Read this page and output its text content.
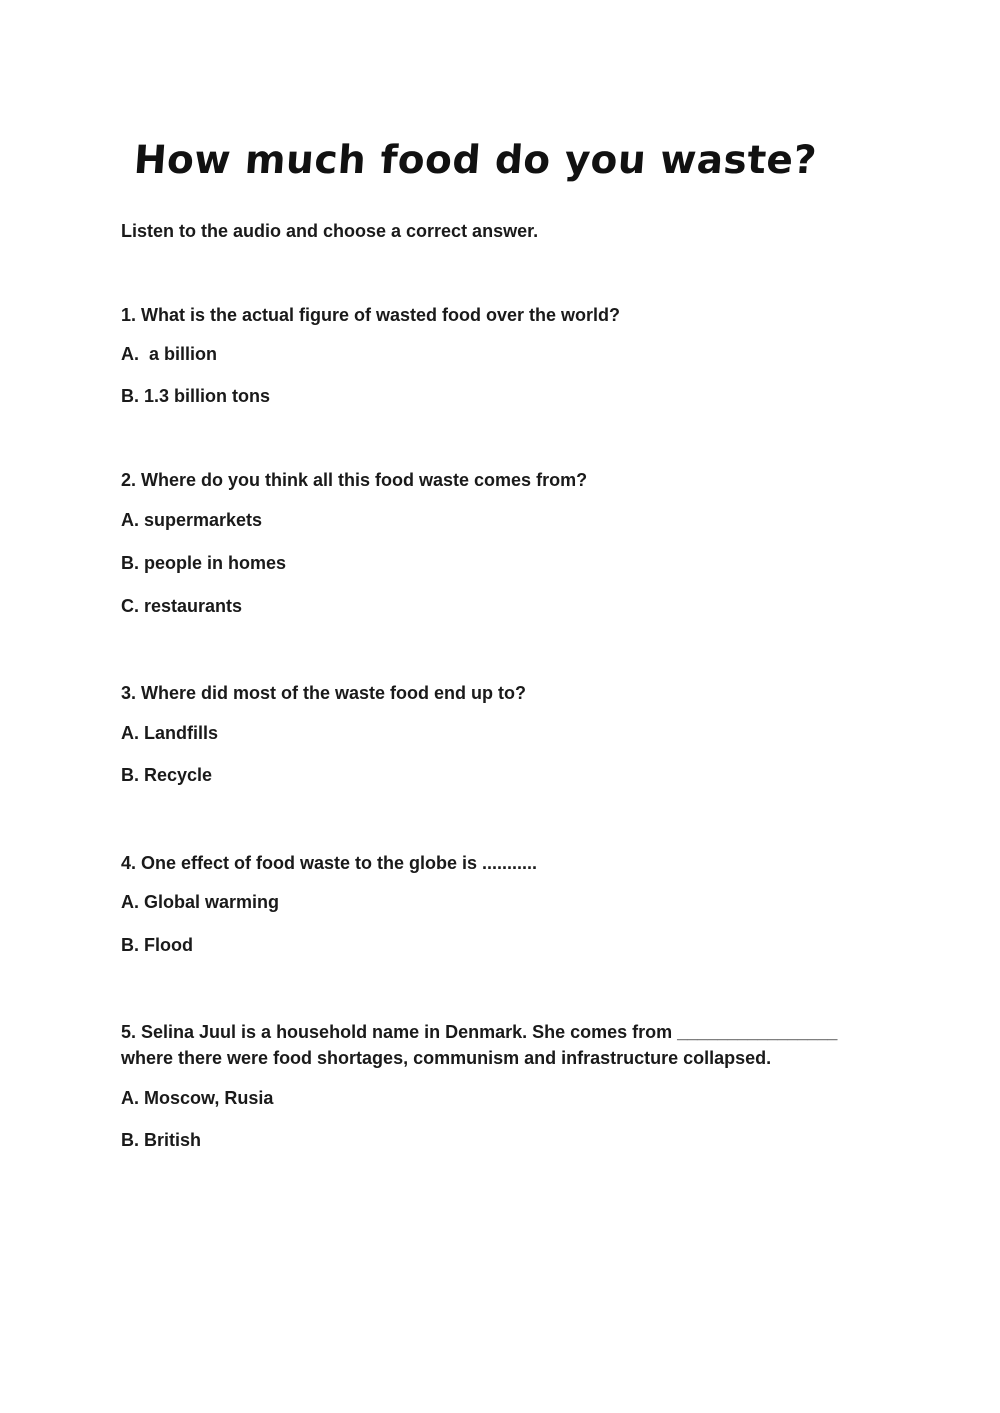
How much food do you waste?
Listen to the audio and choose a correct answer.

1. What is the actual figure of wasted food over the world?

A.  a billion
B. 1.3 billion tons

2. Where do you think all this food waste comes from?

A. supermarkets
B. people in homes
C. restaurants

3. Where did most of the waste food end up to?

A. Landfills
B. Recycle

4. One effect of food waste to the globe is ...........

A. Global warming
B. Flood

5. Selina Juul is a household name in Denmark. She comes from ________________ where there were food shortages, communism and infrastructure collapsed.

A. Moscow, Rusia
B. British
